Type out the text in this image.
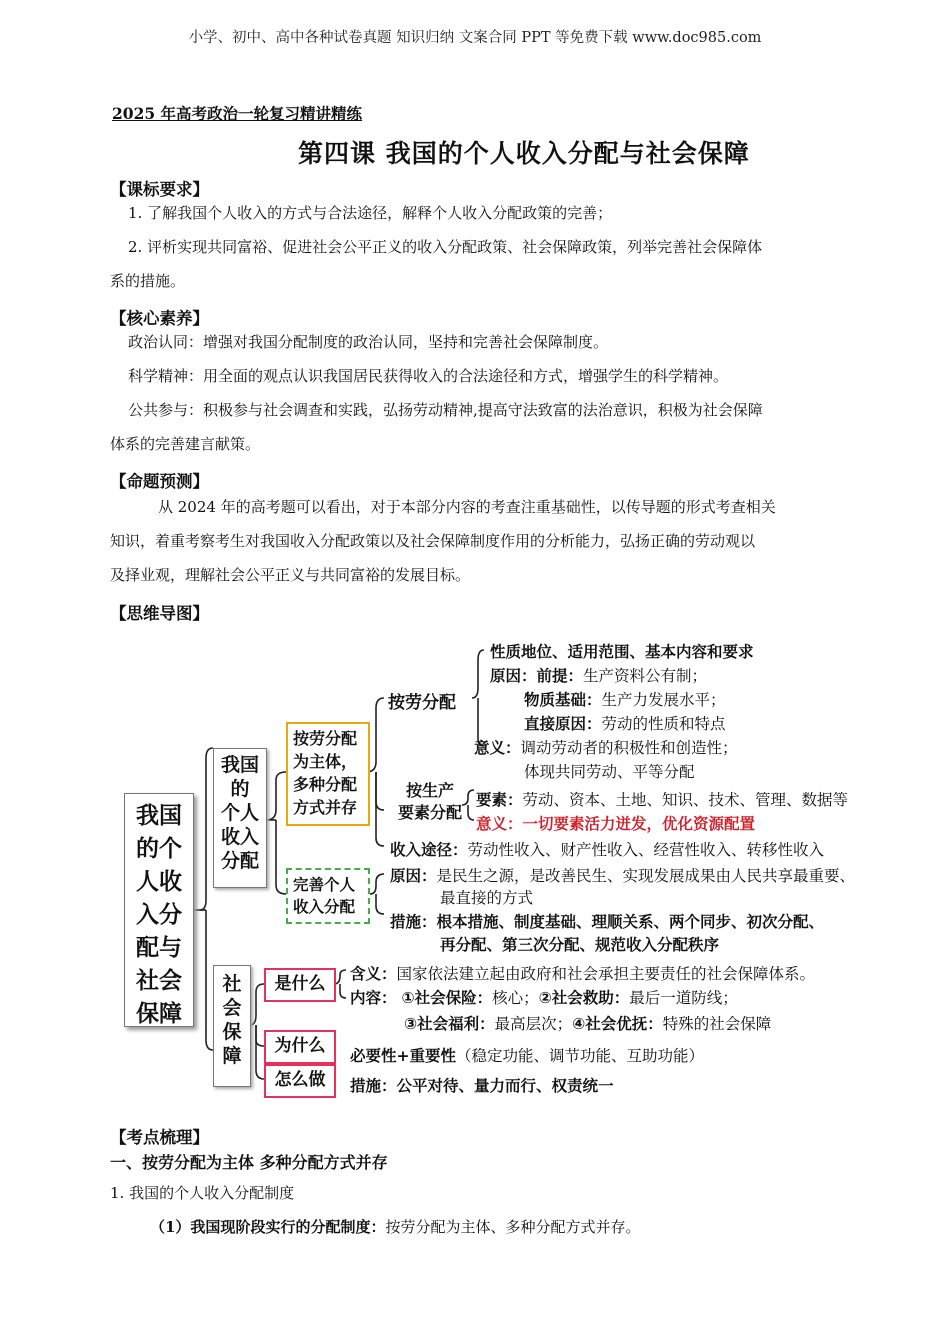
小学、初中、高中各种试卷真题 知识归纳 文案合同 PPT 等免费下载 www.doc985.com
2025 年高考政治一轮复习精讲精练
第四课 我国的个人收入分配与社会保障
【课标要求】
1. 了解我国个人收入的方式与合法途径，解释个人收入分配政策的完善；
2. 评析实现共同富裕、促进社会公平正义的收入分配政策、社会保障政策，列举完善社会保障体
系的措施。
【核心素养】
政治认同：增强对我国分配制度的政治认同，坚持和完善社会保障制度。
科学精神：用全面的观点认识我国居民获得收入的合法途径和方式，增强学生的科学精神。
公共参与：积极参与社会调查和实践，弘扬劳动精神,提高守法致富的法治意识，积极为社会保障
体系的完善建言献策。
【命题预测】
从 2024 年的高考题可以看出，对于本部分内容的考查注重基础性，以传导题的形式考查相关
知识，着重考察考生对我国收入分配政策以及社会保障制度作用的分析能力，弘扬正确的劳动观以
及择业观，理解社会公平正义与共同富裕的发展目标。
【思维导图】
我国
的个
人收
入分
配与
社会
保障
我国
的
个人
收入
分配
社
会
保
障
按劳分配
为主体，
多种分配
方式并存
完善个人
收入分配
按劳分配
按生产
要素分配
性质地位、适用范围、基本内容和要求
原因：前提：生产资料公有制；
物质基础：生产力发展水平；
直接原因：劳动的性质和特点
意义：调动劳动者的积极性和创造性；
体现共同劳动、平等分配
要素：劳动、资本、土地、知识、技术、管理、数据等
意义：一切要素活力迸发，优化资源配置
收入途径：劳动性收入、财产性收入、经营性收入、转移性收入
原因：是民生之源，是改善民生、实现发展成果由人民共享最重要、
最直接的方式
措施：根本措施、制度基础、理顺关系、两个同步、初次分配、
再分配、第三次分配、规范收入分配秩序
是什么	含义：国家依法建立起由政府和社会承担主要责任的社会保障体系。
内容： ①社会保险：核心；②社会救助：最后一道防线；
③社会福利：最高层次；④社会优抚：特殊的社会保障
为什么	必要性+重要性（稳定功能、调节功能、互助功能）
怎么做	措施：公平对待、量力而行、权责统一
【考点梳理】
一、按劳分配为主体 多种分配方式并存
1. 我国的个人收入分配制度
（1）我国现阶段实行的分配制度：按劳分配为主体、多种分配方式并存。
